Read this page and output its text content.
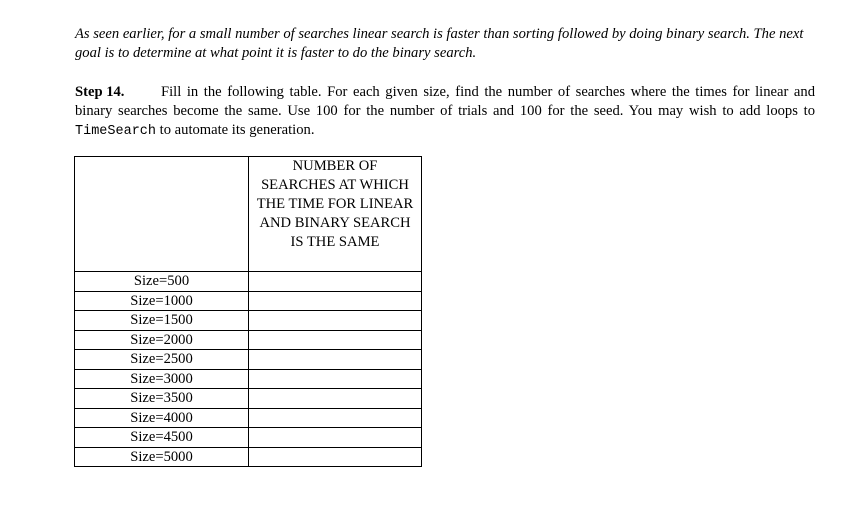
As seen earlier, for a small number of searches linear search is faster than sorting followed by doing binary search. The next goal is to determine at what point it is faster to do the binary search.

Step 14.	Fill in the following table. For each given size, find the number of searches where the times for linear and binary searches become the same. Use 100 for the number of trials and 100 for the seed. You may wish to add loops to TimeSearch to automate its generation.

	NUMBER OF SEARCHES AT WHICH THE TIME FOR LINEAR AND BINARY SEARCH IS THE SAME

Size=500	
Size=1000	
Size=1500	
Size=2000	
Size=2500	
Size=3000	
Size=3500	
Size=4000	
Size=4500	
Size=5000	
